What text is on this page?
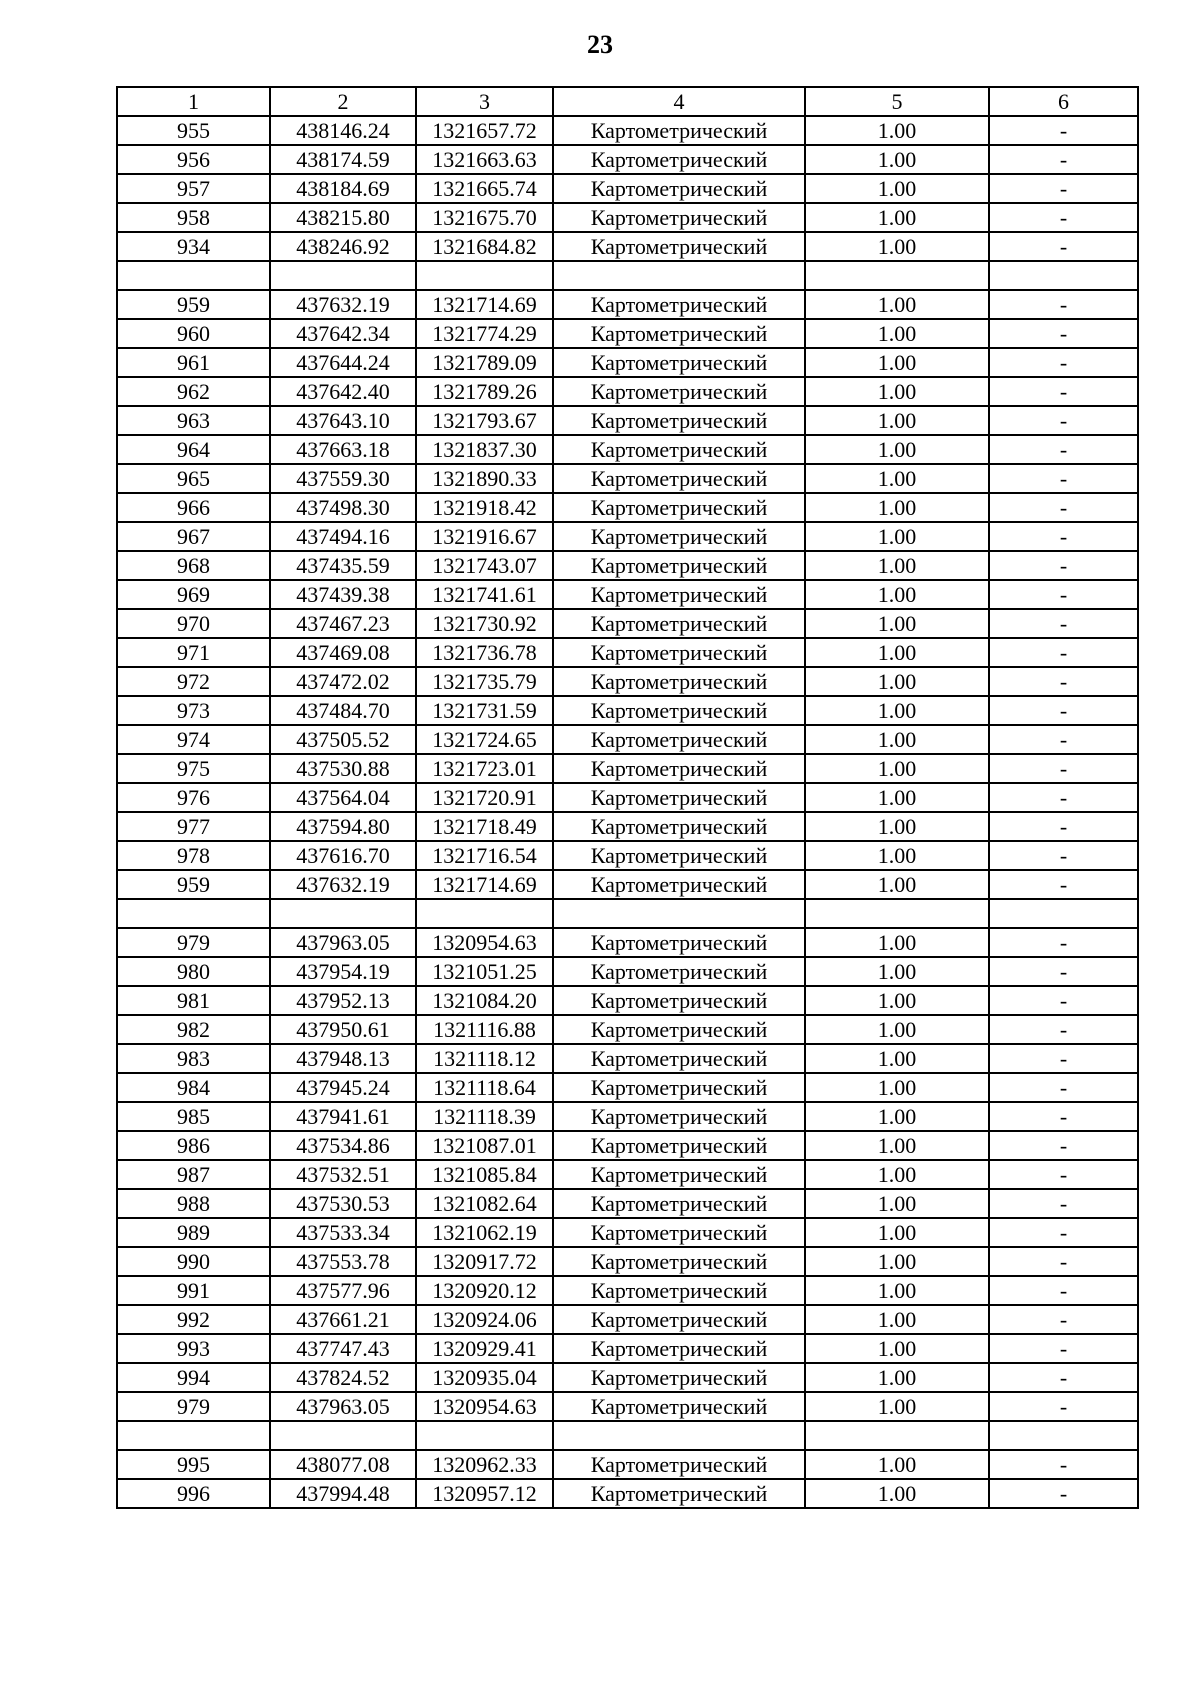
23
1	2	3	4	5	6
955	438146.24	1321657.72	Картометрический	1.00	-
956	438174.59	1321663.63	Картометрический	1.00	-
957	438184.69	1321665.74	Картометрический	1.00	-
958	438215.80	1321675.70	Картометрический	1.00	-
934	438246.92	1321684.82	Картометрический	1.00	-

959	437632.19	1321714.69	Картометрический	1.00	-
960	437642.34	1321774.29	Картометрический	1.00	-
961	437644.24	1321789.09	Картометрический	1.00	-
962	437642.40	1321789.26	Картометрический	1.00	-
963	437643.10	1321793.67	Картометрический	1.00	-
964	437663.18	1321837.30	Картометрический	1.00	-
965	437559.30	1321890.33	Картометрический	1.00	-
966	437498.30	1321918.42	Картометрический	1.00	-
967	437494.16	1321916.67	Картометрический	1.00	-
968	437435.59	1321743.07	Картометрический	1.00	-
969	437439.38	1321741.61	Картометрический	1.00	-
970	437467.23	1321730.92	Картометрический	1.00	-
971	437469.08	1321736.78	Картометрический	1.00	-
972	437472.02	1321735.79	Картометрический	1.00	-
973	437484.70	1321731.59	Картометрический	1.00	-
974	437505.52	1321724.65	Картометрический	1.00	-
975	437530.88	1321723.01	Картометрический	1.00	-
976	437564.04	1321720.91	Картометрический	1.00	-
977	437594.80	1321718.49	Картометрический	1.00	-
978	437616.70	1321716.54	Картометрический	1.00	-
959	437632.19	1321714.69	Картометрический	1.00	-

979	437963.05	1320954.63	Картометрический	1.00	-
980	437954.19	1321051.25	Картометрический	1.00	-
981	437952.13	1321084.20	Картометрический	1.00	-
982	437950.61	1321116.88	Картометрический	1.00	-
983	437948.13	1321118.12	Картометрический	1.00	-
984	437945.24	1321118.64	Картометрический	1.00	-
985	437941.61	1321118.39	Картометрический	1.00	-
986	437534.86	1321087.01	Картометрический	1.00	-
987	437532.51	1321085.84	Картометрический	1.00	-
988	437530.53	1321082.64	Картометрический	1.00	-
989	437533.34	1321062.19	Картометрический	1.00	-
990	437553.78	1320917.72	Картометрический	1.00	-
991	437577.96	1320920.12	Картометрический	1.00	-
992	437661.21	1320924.06	Картометрический	1.00	-
993	437747.43	1320929.41	Картометрический	1.00	-
994	437824.52	1320935.04	Картометрический	1.00	-
979	437963.05	1320954.63	Картометрический	1.00	-

995	438077.08	1320962.33	Картометрический	1.00	-
996	437994.48	1320957.12	Картометрический	1.00	-
